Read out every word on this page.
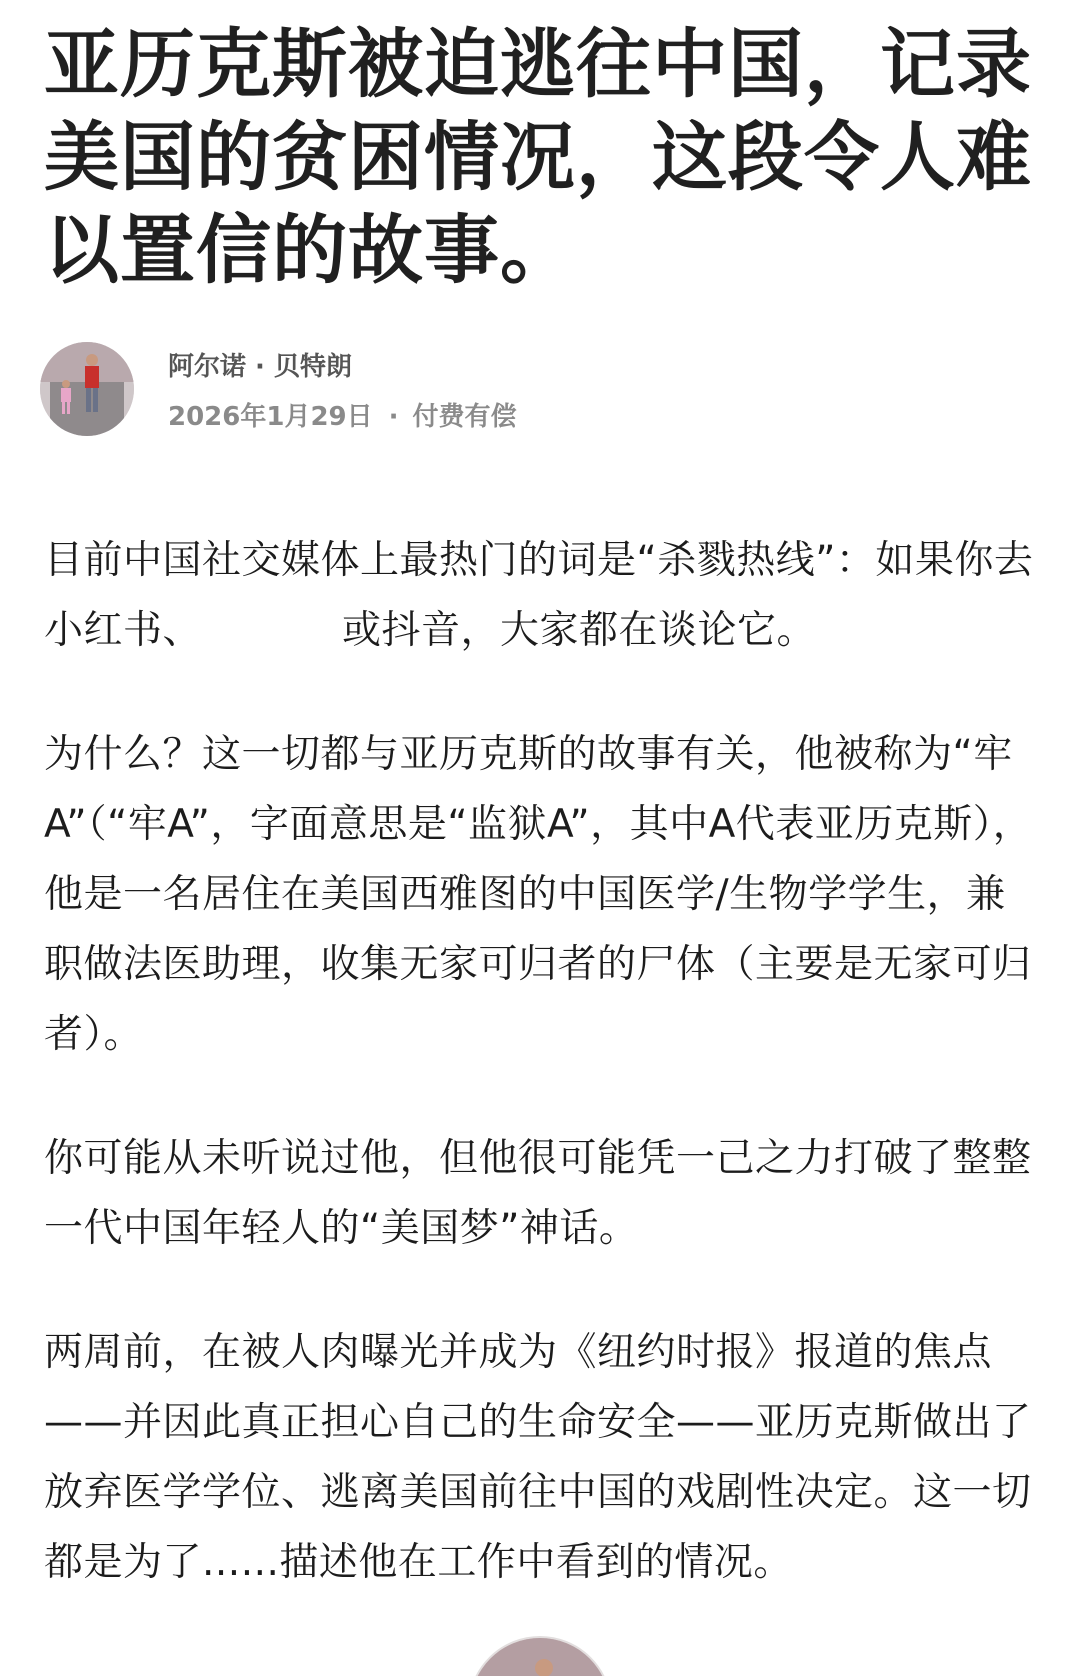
亚历克斯被迫逃往中国，记录美国的贫困情况，这段令人难以置信的故事。
阿尔诺 · 贝特朗
2026年1月29日 · 付费有偿

目前中国社交媒体上最热门的词是“杀戮热线”：如果你去小红书、	或抖音，大家都在谈论它。

为什么？这一切都与亚历克斯的故事有关，他被称为“牢A”（“牢A”，字面意思是“监狱A”，其中A代表亚历克斯），他是一名居住在美国西雅图的中国医学/生物学学生，兼职做法医助理，收集无家可归者的尸体（主要是无家可归者）。

你可能从未听说过他，但他很可能凭一己之力打破了整整一代中国年轻人的“美国梦”神话。

两周前，在被人肉曝光并成为《纽约时报》报道的焦点——并因此真正担心自己的生命安全——亚历克斯做出了放弃医学学位、逃离美国前往中国的戏剧性决定。这一切都是为了......描述他在工作中看到的情况。
